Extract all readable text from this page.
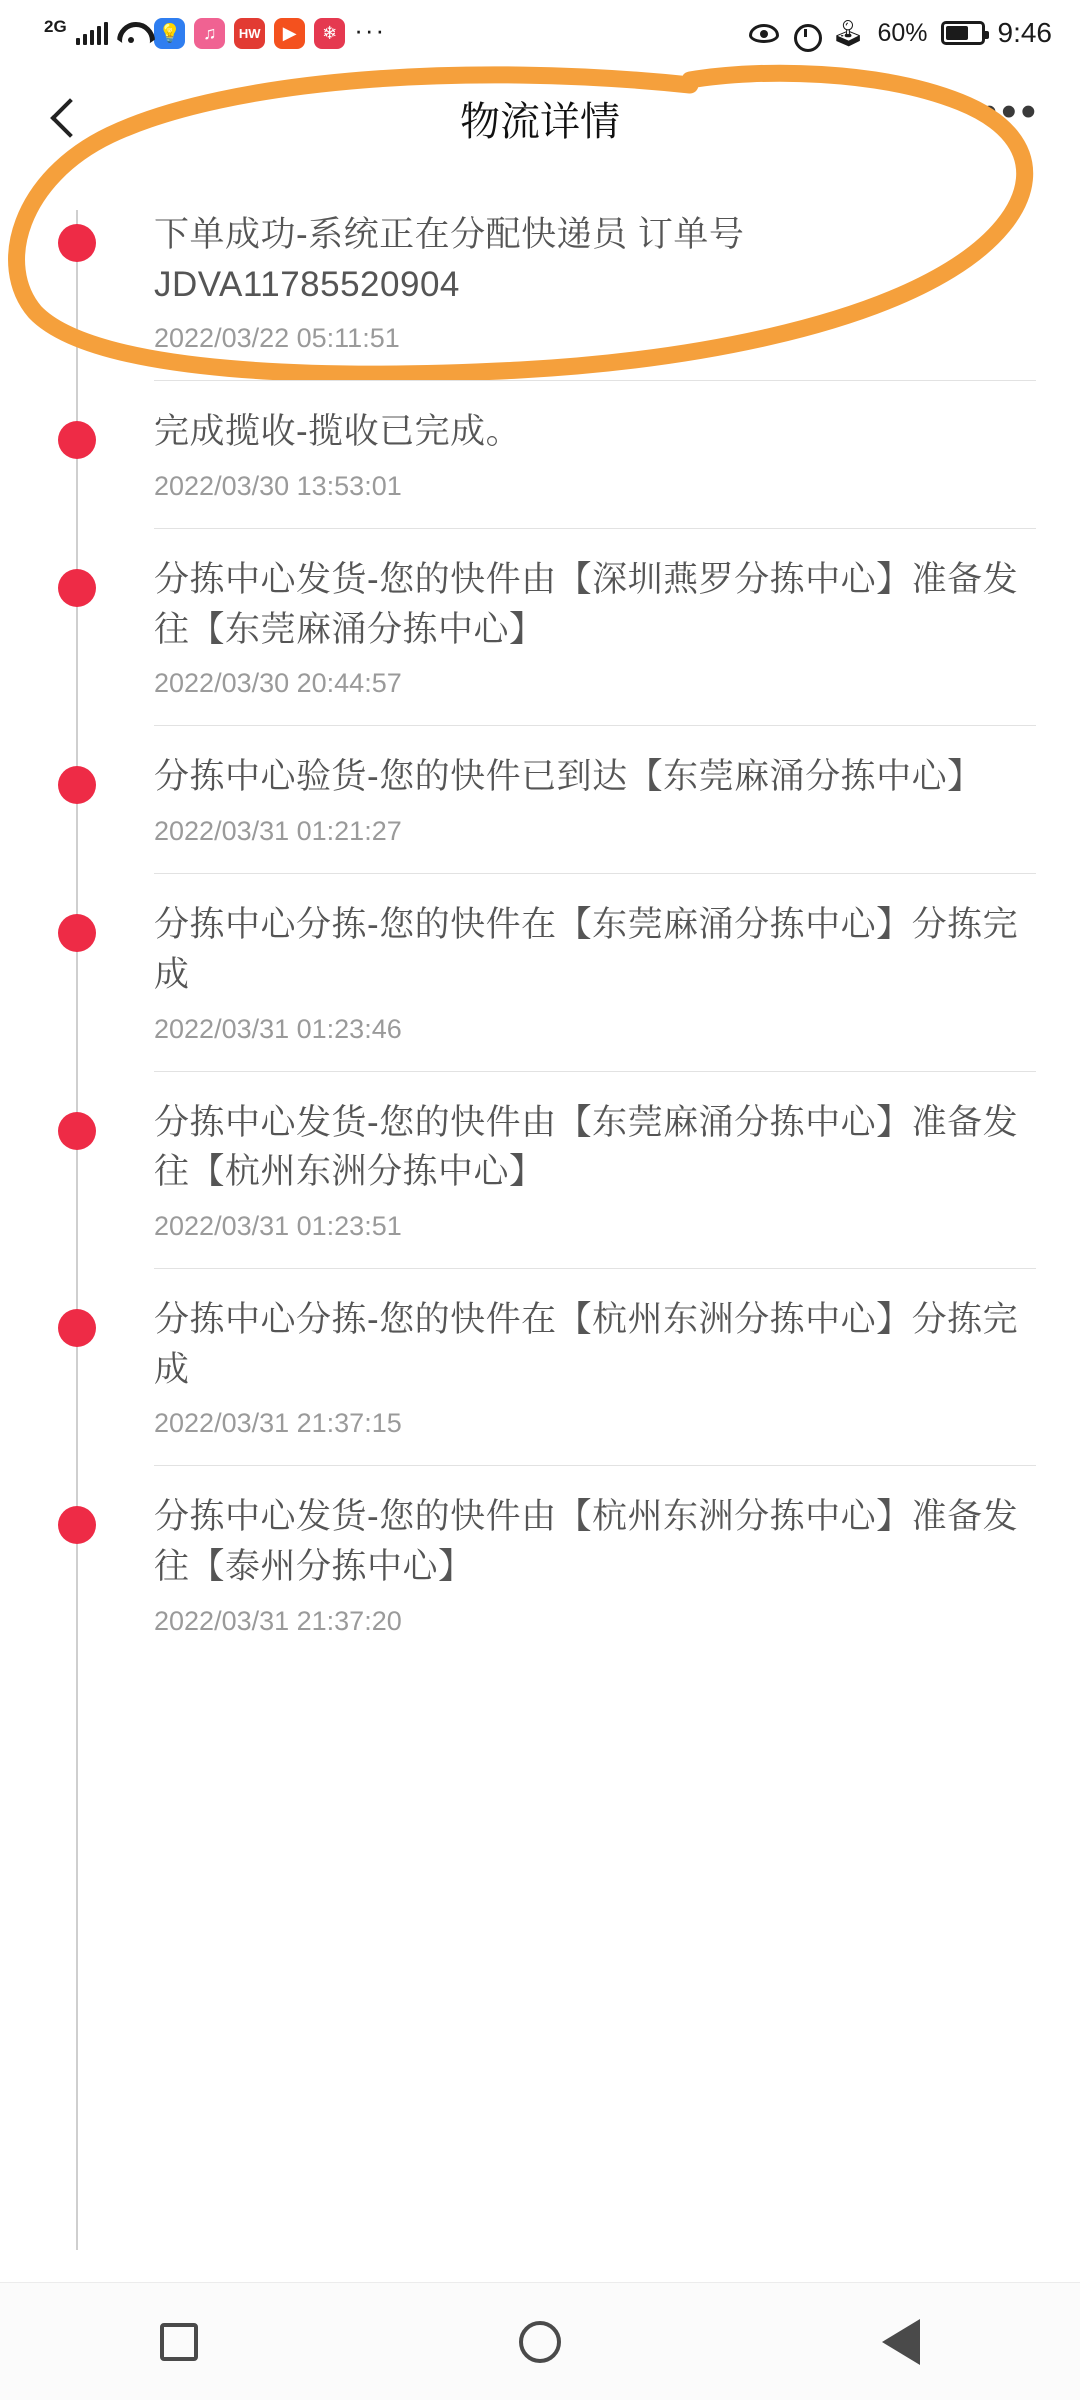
2G	💡	♫	HW	▶	❄ ···	🕹 60%	9:46
物流详情	•••
下单成功-系统正在分配快递员 订单号JDVA11785520904
2022/03/22 05:11:51
完成揽收-揽收已完成。
2022/03/30 13:53:01
分拣中心发货-您的快件由【深圳燕罗分拣中心】准备发往【东莞麻涌分拣中心】
2022/03/30 20:44:57
分拣中心验货-您的快件已到达【东莞麻涌分拣中心】
2022/03/31 01:21:27
分拣中心分拣-您的快件在【东莞麻涌分拣中心】分拣完成
2022/03/31 01:23:46
分拣中心发货-您的快件由【东莞麻涌分拣中心】准备发往【杭州东洲分拣中心】
2022/03/31 01:23:51
分拣中心分拣-您的快件在【杭州东洲分拣中心】分拣完成
2022/03/31 21:37:15
分拣中心发货-您的快件由【杭州东洲分拣中心】准备发往【泰州分拣中心】
2022/03/31 21:37:20
